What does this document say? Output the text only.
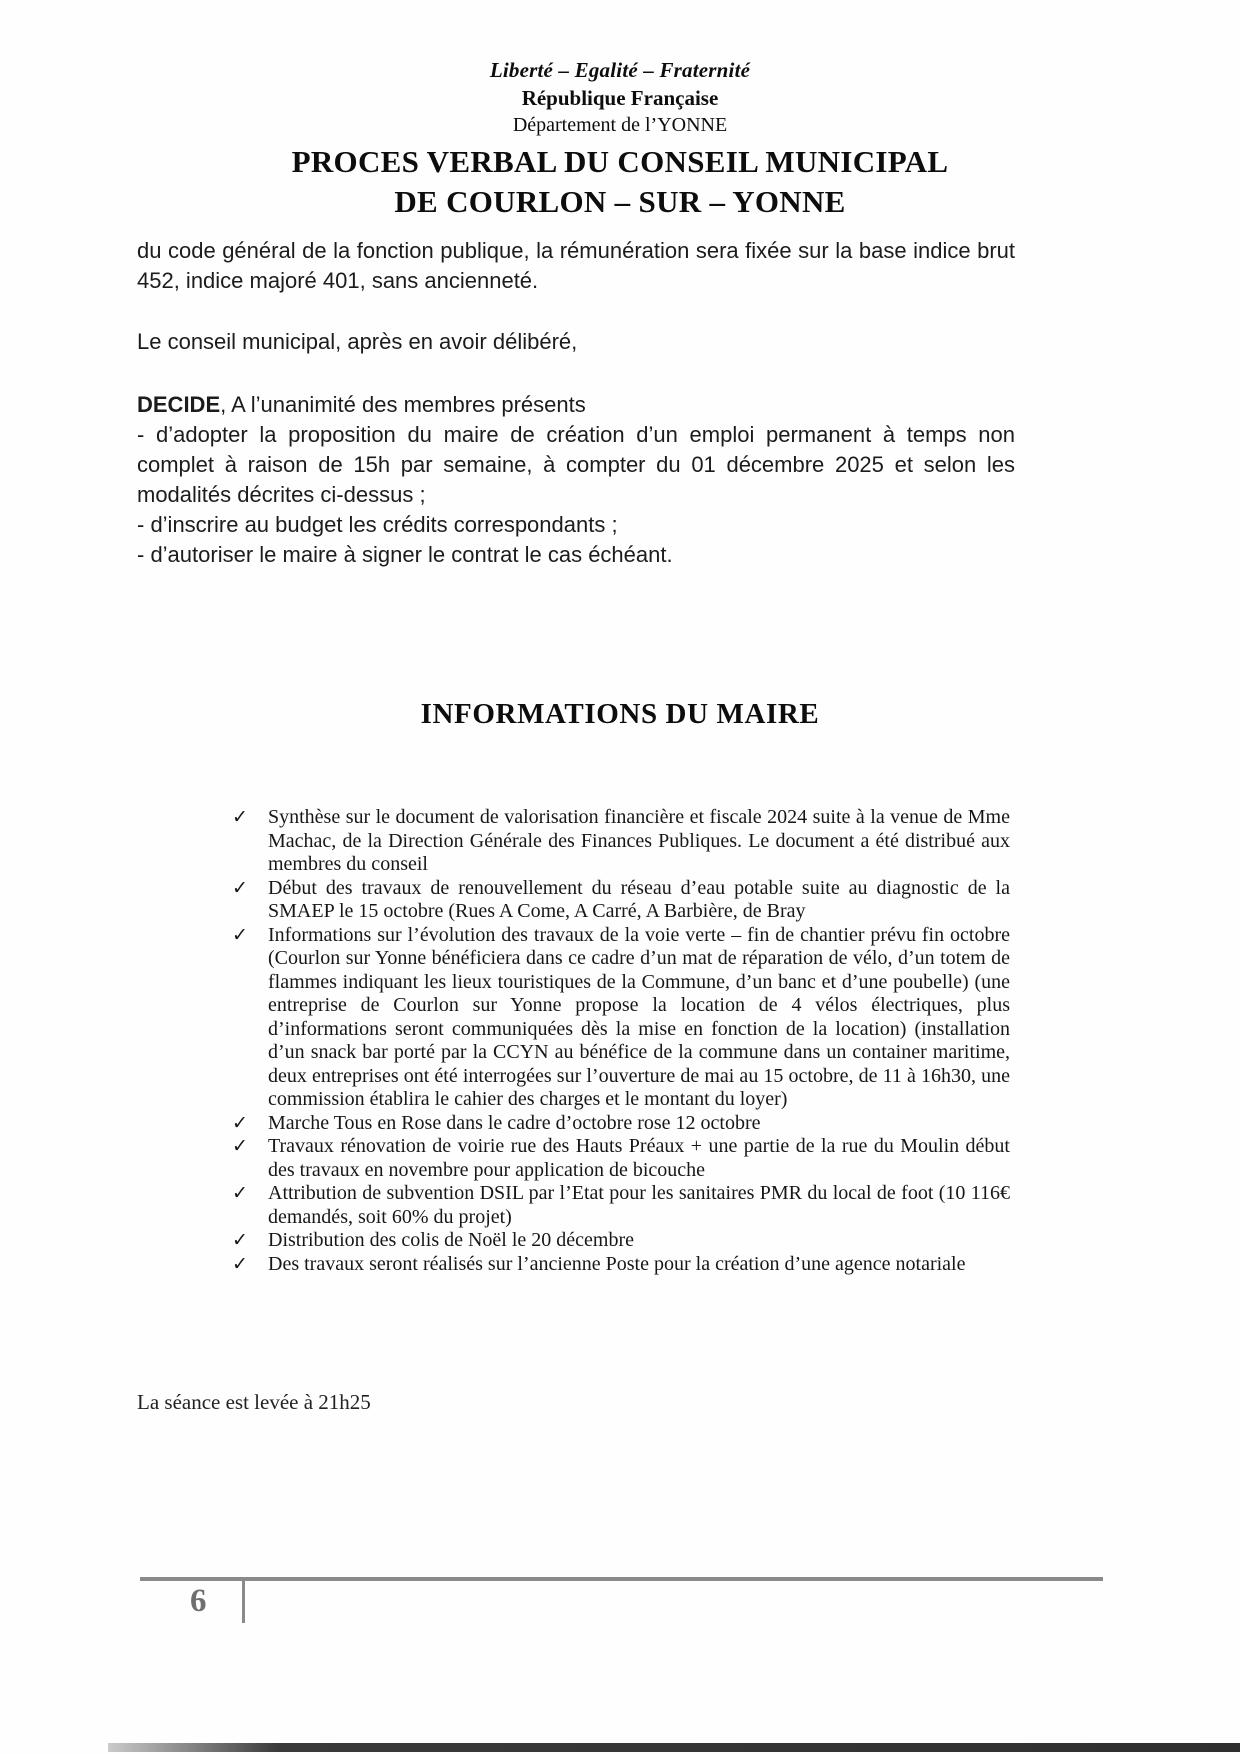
Liberté – Egalité – Fraternité
République Française
Département de l’YONNE
PROCES VERBAL DU CONSEIL MUNICIPAL
DE COURLON – SUR – YONNE

du code général de la fonction publique, la rémunération sera fixée sur la base indice brut 452, indice majoré 401, sans ancienneté.

Le conseil municipal, après en avoir délibéré,

DECIDE, A l’unanimité des membres présents

- d’adopter la proposition du maire de création d’un emploi permanent à temps non complet à raison de 15h par semaine, à compter du 01 décembre 2025 et selon les modalités décrites ci-dessus ;

- d’inscrire au budget les crédits correspondants ;

- d’autoriser le maire à signer le contrat le cas échéant.

INFORMATIONS DU MAIRE
✓	Synthèse sur le document de valorisation financière et fiscale 2024 suite à la venue de Mme Machac, de la Direction Générale des Finances Publiques. Le document a été distribué aux membres du conseil
✓	Début des travaux de renouvellement du réseau d’eau potable suite au diagnostic de la SMAEP le 15 octobre (Rues A Come, A Carré, A Barbière, de Bray
✓	Informations sur l’évolution des travaux de la voie verte – fin de chantier prévu fin octobre (Courlon sur Yonne bénéficiera dans ce cadre d’un mat de réparation de vélo, d’un totem de flammes indiquant les lieux touristiques de la Commune, d’un banc et d’une poubelle) (une entreprise de Courlon sur Yonne propose la location de 4 vélos électriques, plus d’informations seront communiquées dès la mise en fonction de la location) (installation d’un snack bar porté par la CCYN au bénéfice de la commune dans un container maritime, deux entreprises ont été interrogées sur l’ouverture de mai au 15 octobre, de 11 à 16h30, une commission établira le cahier des charges et le montant du loyer)
✓	Marche Tous en Rose dans le cadre d’octobre rose 12 octobre
✓	Travaux rénovation de voirie rue des Hauts Préaux + une partie de la rue du Moulin début des travaux en novembre pour application de bicouche
✓	Attribution de subvention DSIL par l’Etat pour les sanitaires PMR du local de foot (10 116€ demandés, soit 60% du projet)
✓	Distribution des colis de Noël le 20 décembre
✓	Des travaux seront réalisés sur l’ancienne Poste pour la création d’une agence notariale
La séance est levée à 21h25
6
